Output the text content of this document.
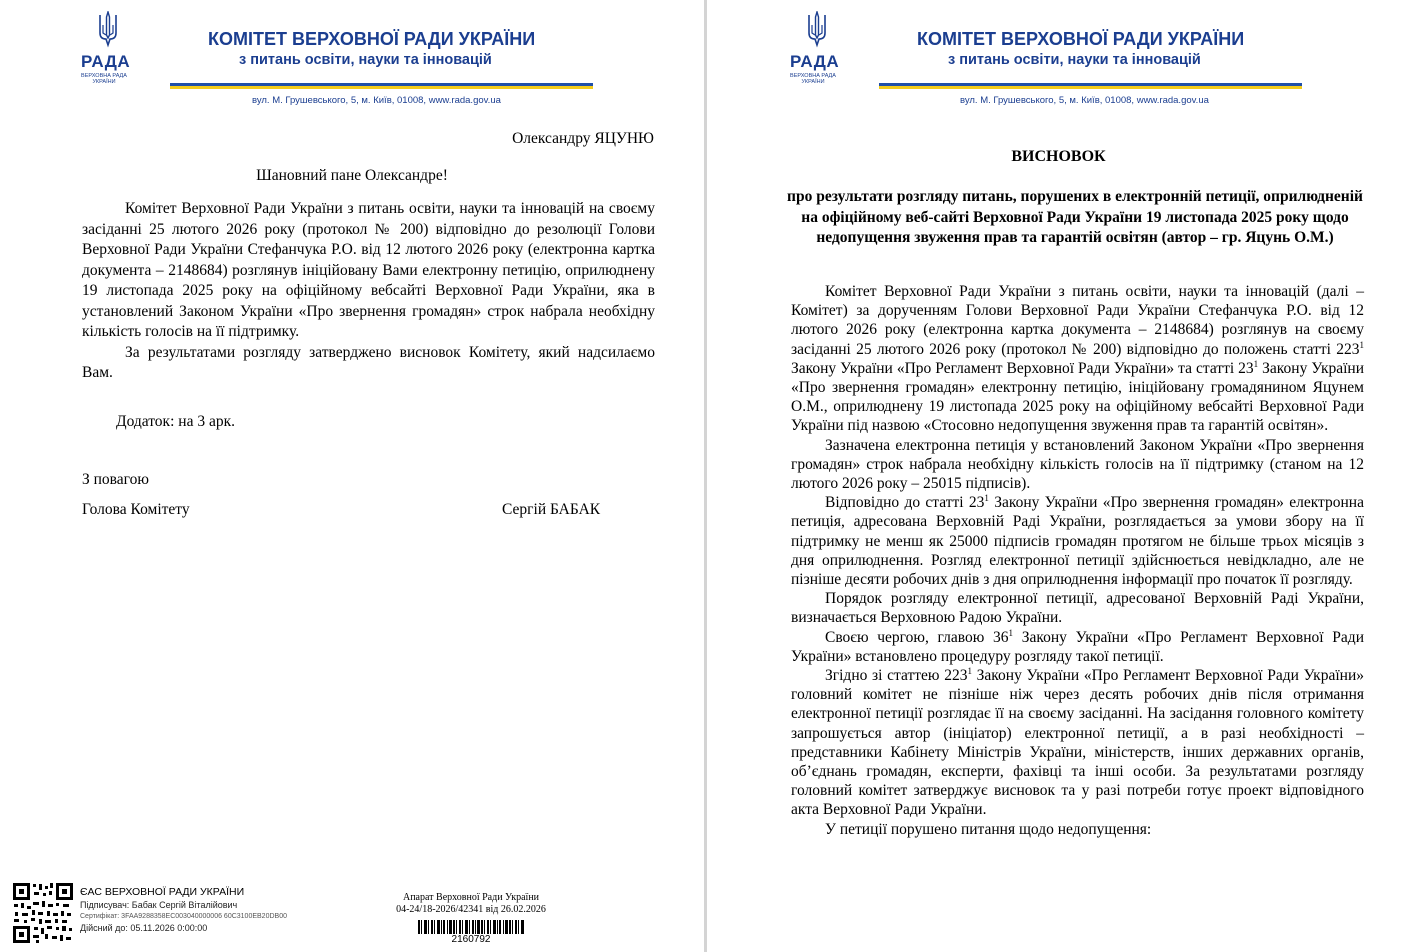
РАДА
ВЕРХОВНА РАДА
УКРАЇНИ
КОМІТЕТ ВЕРХОВНОЇ РАДИ УКРАЇНИ
з питань освіти, науки та інновацій
вул. М. Грушевського, 5, м. Київ, 01008, www.rada.gov.ua
Олександру ЯЦУНЮ
Шановний пане Олександре!

Комітет Верховної Ради України з питань освіти, науки та інновацій на своєму засіданні 25 лютого 2026 року (протокол № 200) відповідно до резолюції Голови Верховної Ради України Стефанчука Р.О. від 12 лютого 2026 року (електронна картка документа – 2148684) розглянув ініційовану Вами електронну петицію, оприлюднену 19 листопада 2025 року на офіційному вебсайті Верховної Ради України, яка в установлений Законом України «Про звернення громадян» строк набрала необхідну кількість голосів на її підтримку.

За результатами розгляду затверджено висновок Комітету, який надсилаємо Вам.

Додаток: на 3 арк.
З повагою
Голова Комітету	Сергій БАБАК
ЄАС ВЕРХОВНОЇ РАДИ УКРАЇНИ
Підписувач: Бабак Сергій Віталійович
Сертифікат: 3FAA9288358EC003040000006 60C3100EB20DB00
Дійсний до: 05.11.2026 0:00:00
Апарат Верховної Ради України
04-24/18-2026/42341 від 26.02.2026
2160792
РАДА
ВЕРХОВНА РАДА
УКРАЇНИ
КОМІТЕТ ВЕРХОВНОЇ РАДИ УКРАЇНИ
з питань освіти, науки та інновацій
вул. М. Грушевського, 5, м. Київ, 01008, www.rada.gov.ua
ВИСНОВОК
про результати розгляду питань, порушених в електронній петиції, оприлюдненій на офіційному веб-сайті Верховної Ради України 19 листопада 2025 року щодо недопущення звуження прав та гарантій освітян (автор – гр. Яцунь О.М.)

Комітет Верховної Ради України з питань освіти, науки та інновацій (далі – Комітет) за дорученням Голови Верховної Ради України Стефанчука Р.О. від 12 лютого 2026 року (електронна картка документа – 2148684) розглянув на своєму засіданні 25 лютого 2026 року (протокол № 200) відповідно до положень статті $223^1$ Закону України «Про Регламент Верховної Ради України» та статті $23^1$ Закону України «Про звернення громадян» електронну петицію, ініційовану громадянином Яцунем О.М., оприлюднену 19 листопада 2025 року на офіційному вебсайті Верховної Ради України під назвою «Стосовно недопущення звуження прав та гарантій освітян».

Зазначена електронна петиція у встановлений Законом України «Про звернення громадян» строк набрала необхідну кількість голосів на її підтримку (станом на 12 лютого 2026 року – 25015 підписів).

Відповідно до статті $23^1$ Закону України «Про звернення громадян» електронна петиція, адресована Верховній Раді України, розглядається за умови збору на її підтримку не менш як 25000 підписів громадян протягом не більше трьох місяців з дня оприлюднення. Розгляд електронної петиції здійснюється невідкладно, але не пізніше десяти робочих днів з дня оприлюднення інформації про початок її розгляду.

Порядок розгляду електронної петиції, адресованої Верховній Раді України, визначається Верховною Радою України.

Своєю чергою, главою $36^1$ Закону України «Про Регламент Верховної Ради України» встановлено процедуру розгляду такої петиції.

Згідно зі статтею $223^1$ Закону України «Про Регламент Верховної Ради України» головний комітет не пізніше ніж через десять робочих днів після отримання електронної петиції розглядає її на своєму засіданні. На засідання головного комітету запрошується автор (ініціатор) електронної петиції, а в разі необхідності – представники Кабінету Міністрів України, міністерств, інших державних органів, об’єднань громадян, експерти, фахівці та інші особи. За результатами розгляду головний комітет затверджує висновок та у разі потреби готує проект відповідного акта Верховної Ради України.

У петиції порушено питання щодо недопущення:
